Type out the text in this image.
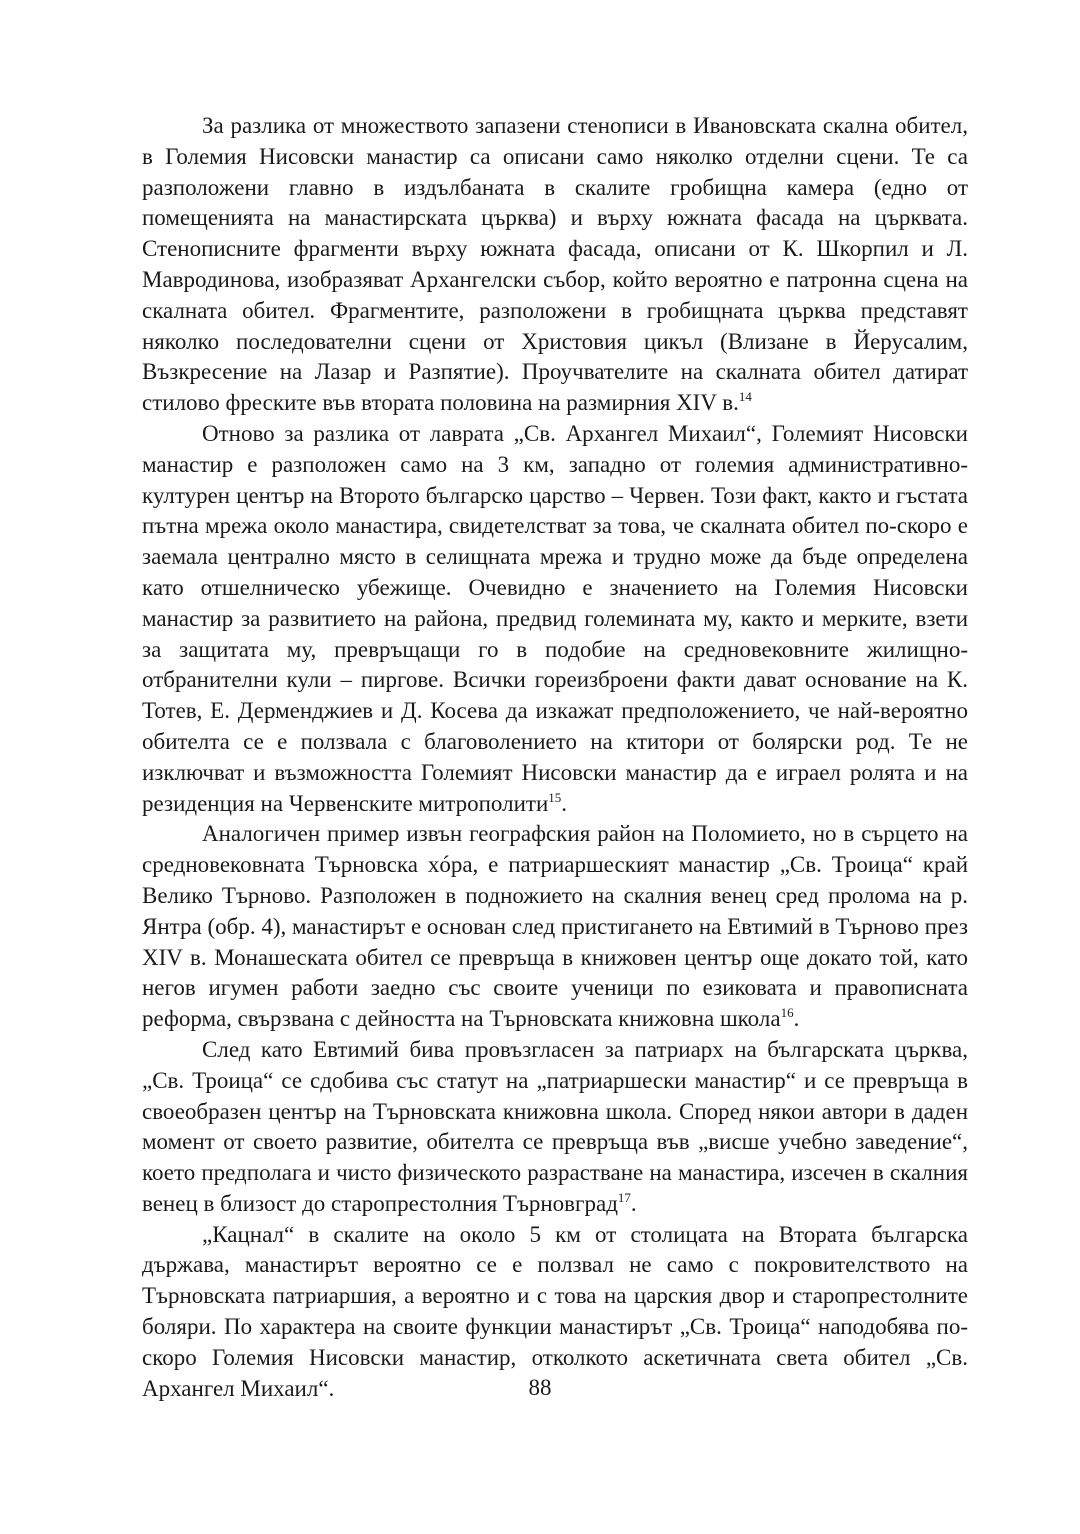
За разлика от множеството запазени стенописи в Ивановската скална обител, в Големия Нисовски манастир са описани само няколко отделни сцени. Те са разположени главно в издълбаната в скалите гробищна камера (едно от помещенията на манастирската църква) и върху южната фасада на църквата. Стенописните фрагменти върху южната фасада, описани от К. Шкорпил и Л. Мавродинова, изобразяват Архангелски събор, който вероятно е патронна сцена на скалната обител. Фрагментите, разположени в гробищната църква представят няколко последователни сцени от Христовия цикъл (Влизане в Йерусалим, Възкресение на Лазар и Разпятие). Проучвателите на скалната обител датират стилово фреските във втората половина на размирния XIV в.$^{14}$

Отново за разлика от лаврата „Св. Архангел Михаил“, Големият Нисовски манастир е разположен само на 3 км, западно от големия административно-културен център на Второто българско царство – Червен. Този факт, както и гъстата пътна мрежа около манастира, свидетелстват за това, че скалната обител по-скоро е заемала централно място в селищната мрежа и трудно може да бъде определена като отшелническо убежище. Очевидно е значението на Големия Нисовски манастир за развитието на района, предвид големината му, както и мерките, взети за защитата му, превръщащи го в подобие на средновековните жилищно-отбранителни кули – пиргове. Всички гореизброени факти дават основание на К. Тотев, Е. Дерменджиев и Д. Косева да изкажат предположението, че най-вероятно обителта се е ползвала с благоволението на ктитори от болярски род. Те не изключват и възможността Големият Нисовски манастир да е играел ролята и на резиденция на Червенските митрополити$^{15}$.

Аналогичен пример извън географския район на Поломието, но в сърцето на средновековната Търновска хóра, е патриаршеският манастир „Св. Троица“ край Велико Търново. Разположен в подножието на скалния венец сред пролома на р. Янтра (обр. 4), манастирът е основан след пристигането на Евтимий в Търново през XIV в. Монашеската обител се превръща в книжовен център още докато той, като негов игумен работи заедно със своите ученици по езиковата и правописната реформа, свързвана с дейността на Търновската книжовна школа$^{16}$.

След като Евтимий бива провъзгласен за патриарх на българската църква, „Св. Троица“ се сдобива със статут на „патриаршески манастир“ и се превръща в своеобразен център на Търновската книжовна школа. Според някои автори в даден момент от своето развитие, обителта се превръща във „висше учебно заведение“, което предполага и чисто физическото разрастване на манастира, изсечен в скалния венец в близост до старопрестолния Търновград$^{17}$.

„Кацнал“ в скалите на около 5 км от столицата на Втората българска държава, манастирът вероятно се е ползвал не само с покровителството на Търновската патриаршия, а вероятно и с това на царския двор и старопрестолните боляри. По характера на своите функции манастирът „Св. Троица“ наподобява по-скоро Големия Нисовски манастир, отколкото аскетичната света обител „Св. Архангел Михаил“.	88
